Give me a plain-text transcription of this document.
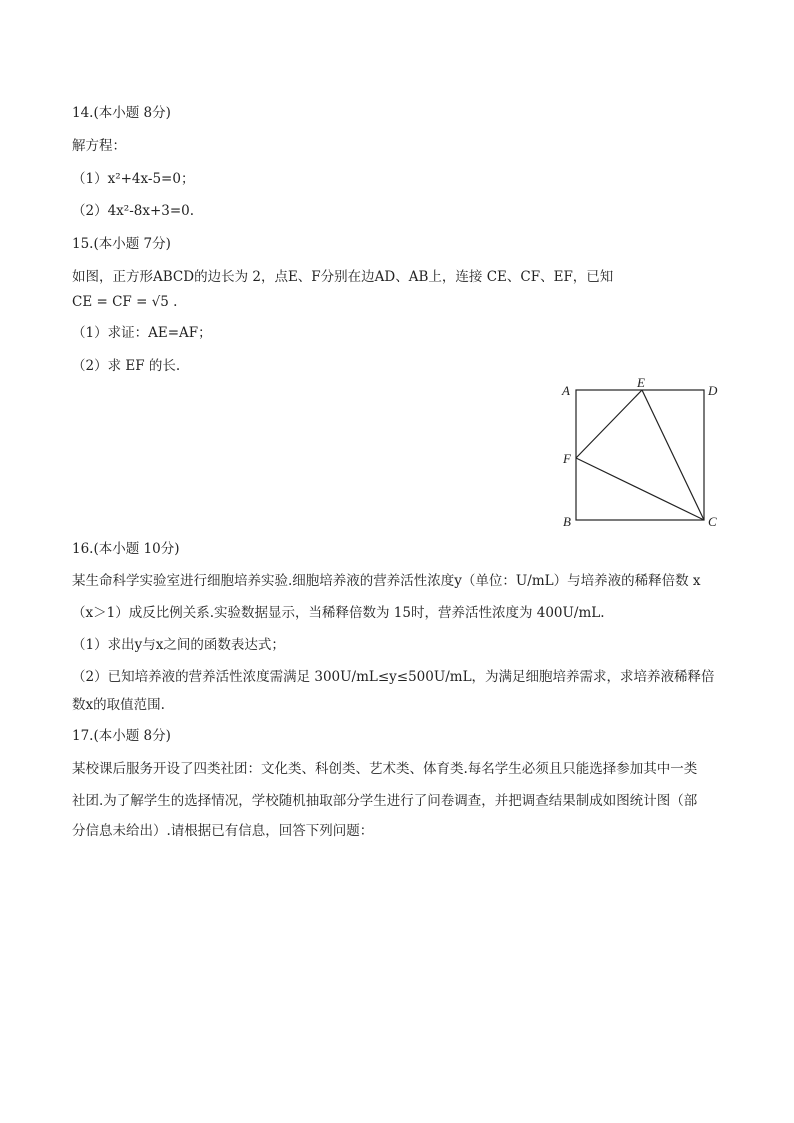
14.(本小题 8分)
解方程：
（1）x²+4x-5=0；
（2）4x²-8x+3=0.
15.(本小题 7分)
如图，正方形ABCD的边长为 2，点E、F分别在边AD、AB上，连接 CE、CF、EF，已知
CE = CF = √5 .
（1）求证：AE=AF；
（2）求 EF 的长.
A
E
D
F
B	C
16.(本小题 10分)
某生命科学实验室进行细胞培养实验.细胞培养液的营养活性浓度y（单位：U/mL）与培养液的稀释倍数 x
（x＞1）成反比例关系.实验数据显示，当稀释倍数为 15时，营养活性浓度为 400U/mL.
（1）求出y与x之间的函数表达式；
（2）已知培养液的营养活性浓度需满足 300U/mL≤y≤500U/mL，为满足细胞培养需求，求培养液稀释倍
数x的取值范围.
17.(本小题 8分)
某校课后服务开设了四类社团：文化类、科创类、艺术类、体育类.每名学生必须且只能选择参加其中一类
社团.为了解学生的选择情况，学校随机抽取部分学生进行了问卷调查，并把调查结果制成如图统计图（部
分信息未给出）.请根据已有信息，回答下列问题：
